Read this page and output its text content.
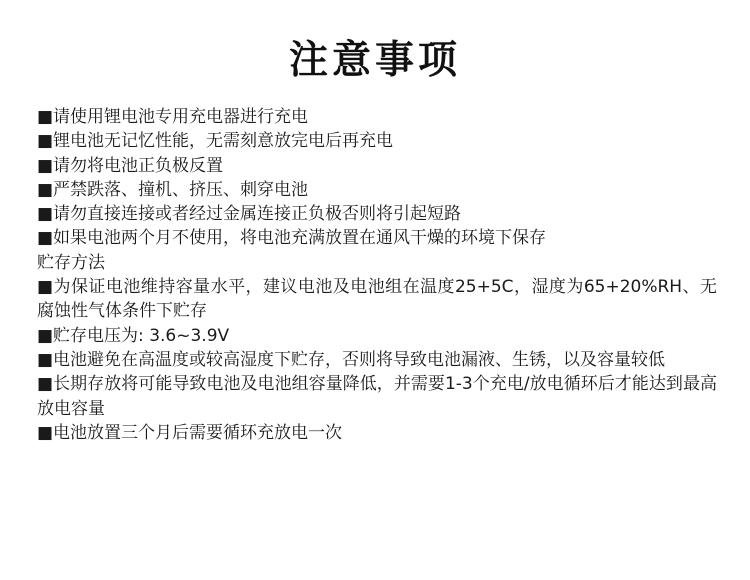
注意事项
■请使用锂电池专用充电器进行充电
■锂电池无记忆性能，无需刻意放完电后再充电
■请勿将电池正负极反置
■严禁跌落、撞机、挤压、刺穿电池
■请勿直接连接或者经过金属连接正负极否则将引起短路
■如果电池两个月不使用，将电池充满放置在通风干燥的环境下保存
贮存方法
■为保证电池维持容量水平，建议电池及电池组在温度25+5C，湿度为65+20%RH、无腐蚀性气体条件下贮存
■贮存电压为: 3.6~3.9V
■电池避免在高温度或较高湿度下贮存，否则将导致电池漏液、生锈，以及容量较低
■长期存放将可能导致电池及电池组容量降低，并需要1-3个充电/放电循环后才能达到最高放电容量
■电池放置三个月后需要循环充放电一次
